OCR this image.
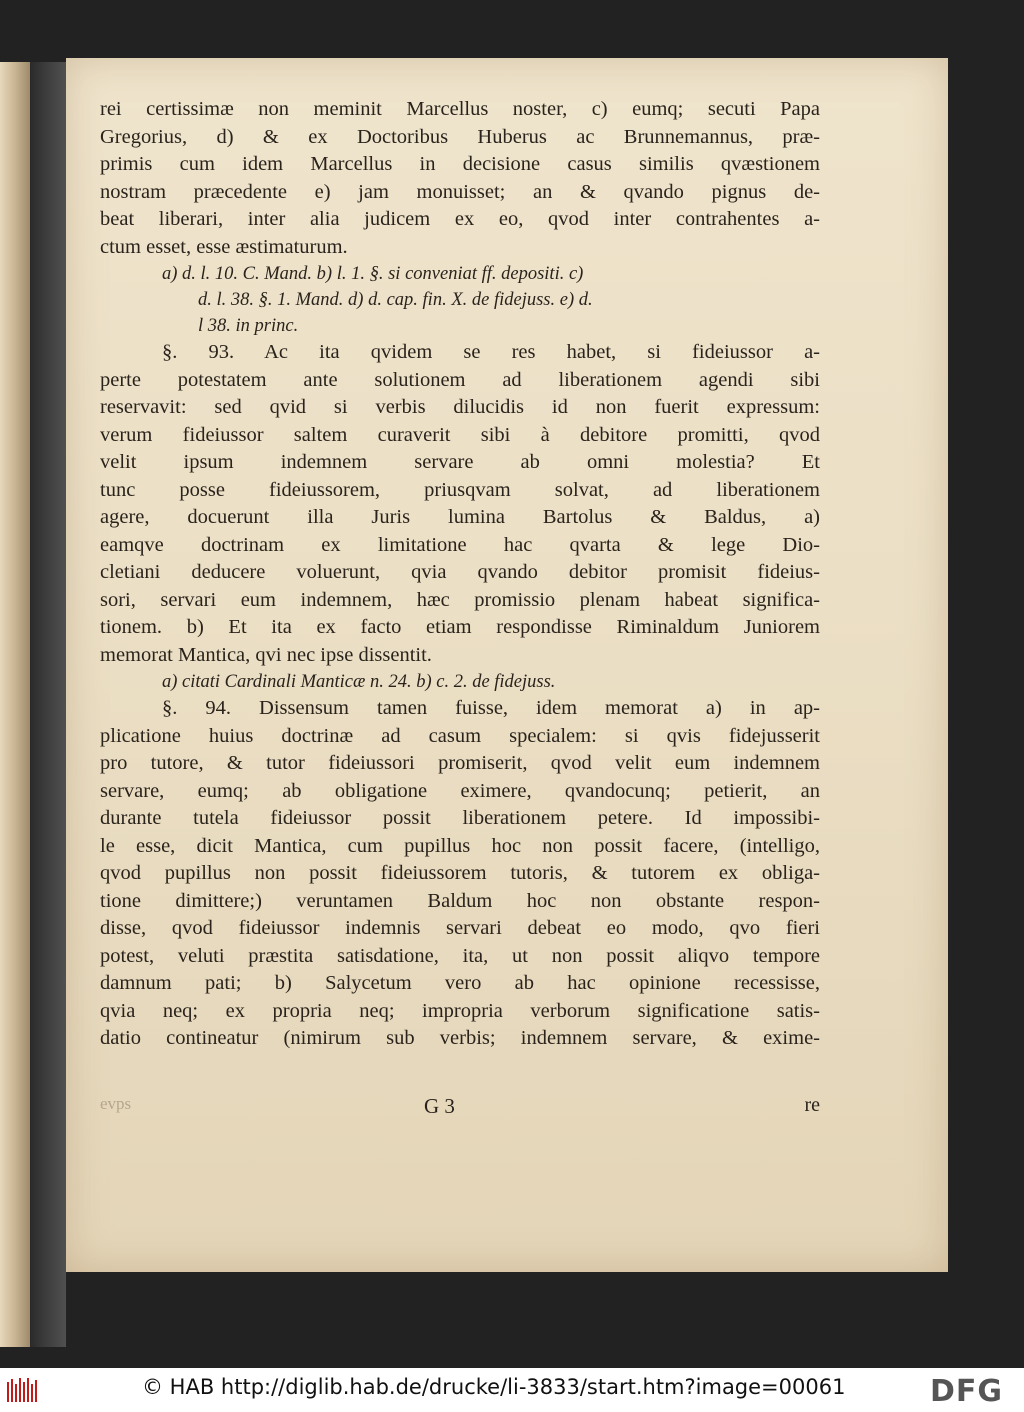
rei certissimæ non meminit Marcellus noster, c) eumq; secuti Papa
Gregorius, d) & ex Doctoribus Huberus ac Brunnemannus, præ-
primis cum idem Marcellus in decisione casus similis qvæstionem
nostram præcedente e) jam monuisset; an & qvando pignus de-
beat liberari, inter alia judicem ex eo, qvod inter contrahentes a-
ctum esset, esse æstimaturum.
a) d. l. 10. C. Mand. b) l. 1. §. si conveniat ff. depositi. c)
d. l. 38. §. 1. Mand. d) d. cap. fin. X. de fidejuss. e) d.
l 38. in princ.
§. 93. Ac ita qvidem se res habet, si fideiussor a-
perte potestatem ante solutionem ad liberationem agendi sibi
reservavit: sed qvid si verbis dilucidis id non fuerit expressum:
verum fideiussor saltem curaverit sibi à debitore promitti, qvod
velit ipsum indemnem servare ab omni molestia? Et
tunc posse fideiussorem, priusqvam solvat, ad liberationem
agere, docuerunt illa Juris lumina Bartolus & Baldus, a)
eamqve doctrinam ex limitatione hac qvarta & lege Dio-
cletiani deducere voluerunt, qvia qvando debitor promisit fideius-
sori, servari eum indemnem, hæc promissio plenam habeat significa-
tionem. b) Et ita ex facto etiam respondisse Riminaldum Juniorem
memorat Mantica, qvi nec ipse dissentit.
a) citati Cardinali Manticæ n. 24. b) c. 2. de fidejuss.
§. 94. Dissensum tamen fuisse, idem memorat a) in ap-
plicatione huius doctrinæ ad casum specialem: si qvis fidejusserit
pro tutore, & tutor fideiussori promiserit, qvod velit eum indemnem
servare, eumq; ab obligatione eximere, qvandocunq; petierit, an
durante tutela fideiussor possit liberationem petere. Id impossibi-
le esse, dicit Mantica, cum pupillus hoc non possit facere, (intelligo,
qvod pupillus non possit fideiussorem tutoris, & tutorem ex obliga-
tione dimittere;) veruntamen Baldum hoc non obstante respon-
disse, qvod fideiussor indemnis servari debeat eo modo, qvo fieri
potest, veluti præstita satisdatione, ita, ut non possit aliqvo tempore
damnum pati; b) Salycetum vero ab hac opinione recessisse,
qvia neq; ex propria neq; impropria verborum significatione satis-
datio contineatur (nimirum sub verbis; indemnem servare, & exime-
evps	G 3	re
© HAB http://diglib.hab.de/drucke/li-3833/start.htm?image=00061	DFG
